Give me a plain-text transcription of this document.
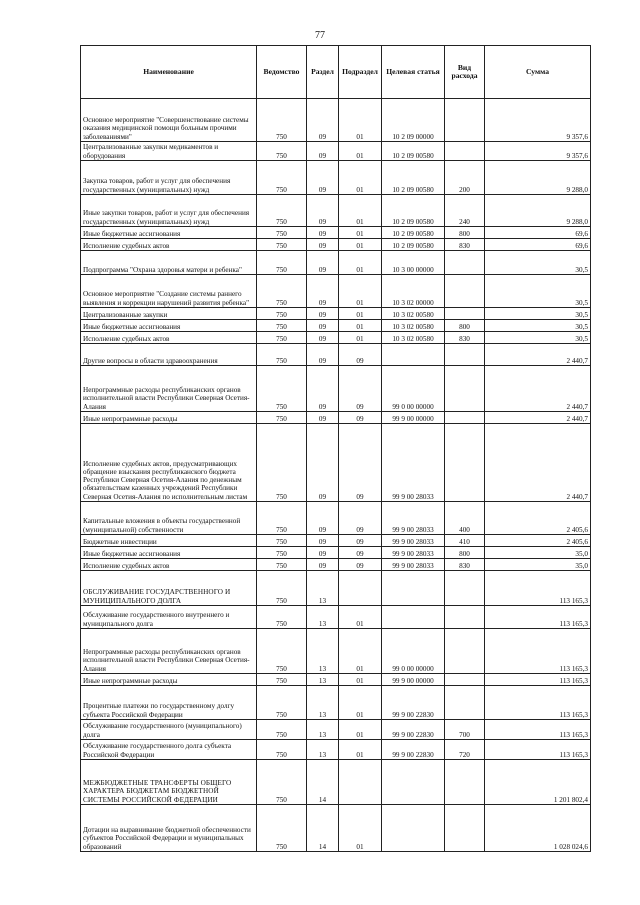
77
Наименование	Ведомство	Раздел	Подраздел	Целевая статья	Вид расхода	Сумма
Основное мероприятие "Совершенствование системы оказания медицинской помощи больным прочими заболеваниями"	750	09	01	10 2 09 00000		9 357,6
Централизованные закупки медикаментов и оборудования	750	09	01	10 2 09 00580		9 357,6
Закупка товаров, работ и услуг для обеспечения государственных (муниципальных) нужд	750	09	01	10 2 09 00580	200	9 288,0
Иные закупки товаров, работ и услуг для обеспечения государственных (муниципальных) нужд	750	09	01	10 2 09 00580	240	9 288,0
Иные бюджетные ассигнования	750	09	01	10 2 09 00580	800	69,6
Исполнение судебных актов	750	09	01	10 2 09 00580	830	69,6
Подпрограмма "Охрана здоровья матери и ребенка"	750	09	01	10 3 00 00000		30,5
Основное мероприятие "Создание системы раннего выявления и коррекции нарушений развития ребенка"	750	09	01	10 3 02 00000		30,5
Централизованные закупки	750	09	01	10 3 02 00580		30,5
Иные бюджетные ассигнования	750	09	01	10 3 02 00580	800	30,5
Исполнение судебных актов	750	09	01	10 3 02 00580	830	30,5
Другие вопросы в области здравоохранения	750	09	09			2 440,7
Непрограммные расходы республиканских органов исполнительной власти Республики Северная Осетия-Алания	750	09	09	99 0 00 00000		2 440,7
Иные непрограммные расходы	750	09	09	99 9 00 00000		2 440,7
Исполнение судебных актов, предусматривающих обращение взыскания республиканского бюджета Республики Северная Осетия-Алания по денежным обязательствам казенных учреждений Республики Северная Осетия-Алания по исполнительным листам	750	09	09	99 9 00 28033		2 440,7
Капитальные вложения в объекты государственной (муниципальной) собственности	750	09	09	99 9 00 28033	400	2 405,6
Бюджетные инвестиции	750	09	09	99 9 00 28033	410	2 405,6
Иные бюджетные ассигнования	750	09	09	99 9 00 28033	800	35,0
Исполнение судебных актов	750	09	09	99 9 00 28033	830	35,0
ОБСЛУЖИВАНИЕ ГОСУДАРСТВЕННОГО И МУНИЦИПАЛЬНОГО ДОЛГА	750	13				113 165,3
Обслуживание государственного внутреннего и муниципального долга	750	13	01			113 165,3
Непрограммные расходы республиканских органов исполнительной власти Республики Северная Осетия-Алания	750	13	01	99 0 00 00000		113 165,3
Иные непрограммные расходы	750	13	01	99 9 00 00000		113 165,3
Процентные платежи по государственному долгу субъекта Российской Федерации	750	13	01	99 9 00 22830		113 165,3
Обслуживание государственного (муниципального) долга	750	13	01	99 9 00 22830	700	113 165,3
Обслуживание государственного долга субъекта Российской Федерации	750	13	01	99 9 00 22830	720	113 165,3
МЕЖБЮДЖЕТНЫЕ ТРАНСФЕРТЫ ОБЩЕГО ХАРАКТЕРА БЮДЖЕТАМ БЮДЖЕТНОЙ СИСТЕМЫ РОССИЙСКОЙ ФЕДЕРАЦИИ	750	14				1 201 802,4
Дотации на выравнивание бюджетной обеспеченности субъектов Российской Федерации и муниципальных образований	750	14	01			1 028 024,6
